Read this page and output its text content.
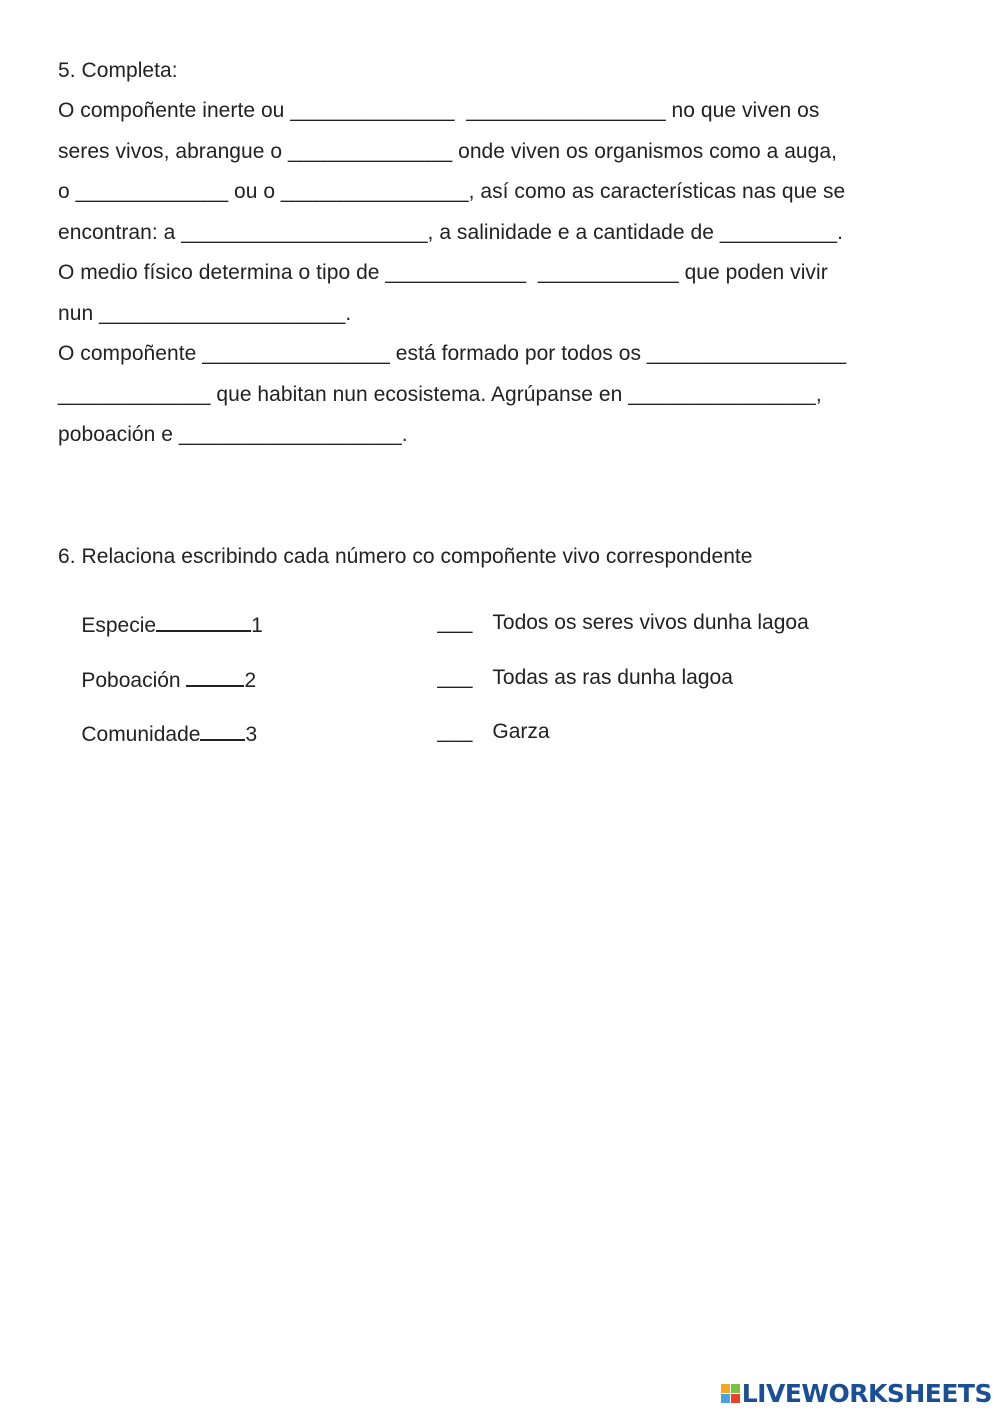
5. Completa:
O compoñente inerte ou ______________  _________________ no que viven os
seres vivos, abrangue o ______________ onde viven os organismos como a auga,
o _____________ ou o ________________, así como as características nas que se
encontran: a _____________________, a salinidade e a cantidade de __________.
O medio físico determina o tipo de ____________  ____________ que poden vivir
nun _____________________.
O compoñente ________________ está formado por todos os _________________
_____________ que habitan nun ecosistema. Agrúpanse en ________________,
poboación e ___________________.
6. Relaciona escribindo cada número co compoñente vivo correspondente

Especie	1

Poboación	2

Comunidade 3

___ Todos os seres vivos dunha lagoa

___ Todas as ras dunha lagoa

___ Garza

LIVEWORKSHEETS
